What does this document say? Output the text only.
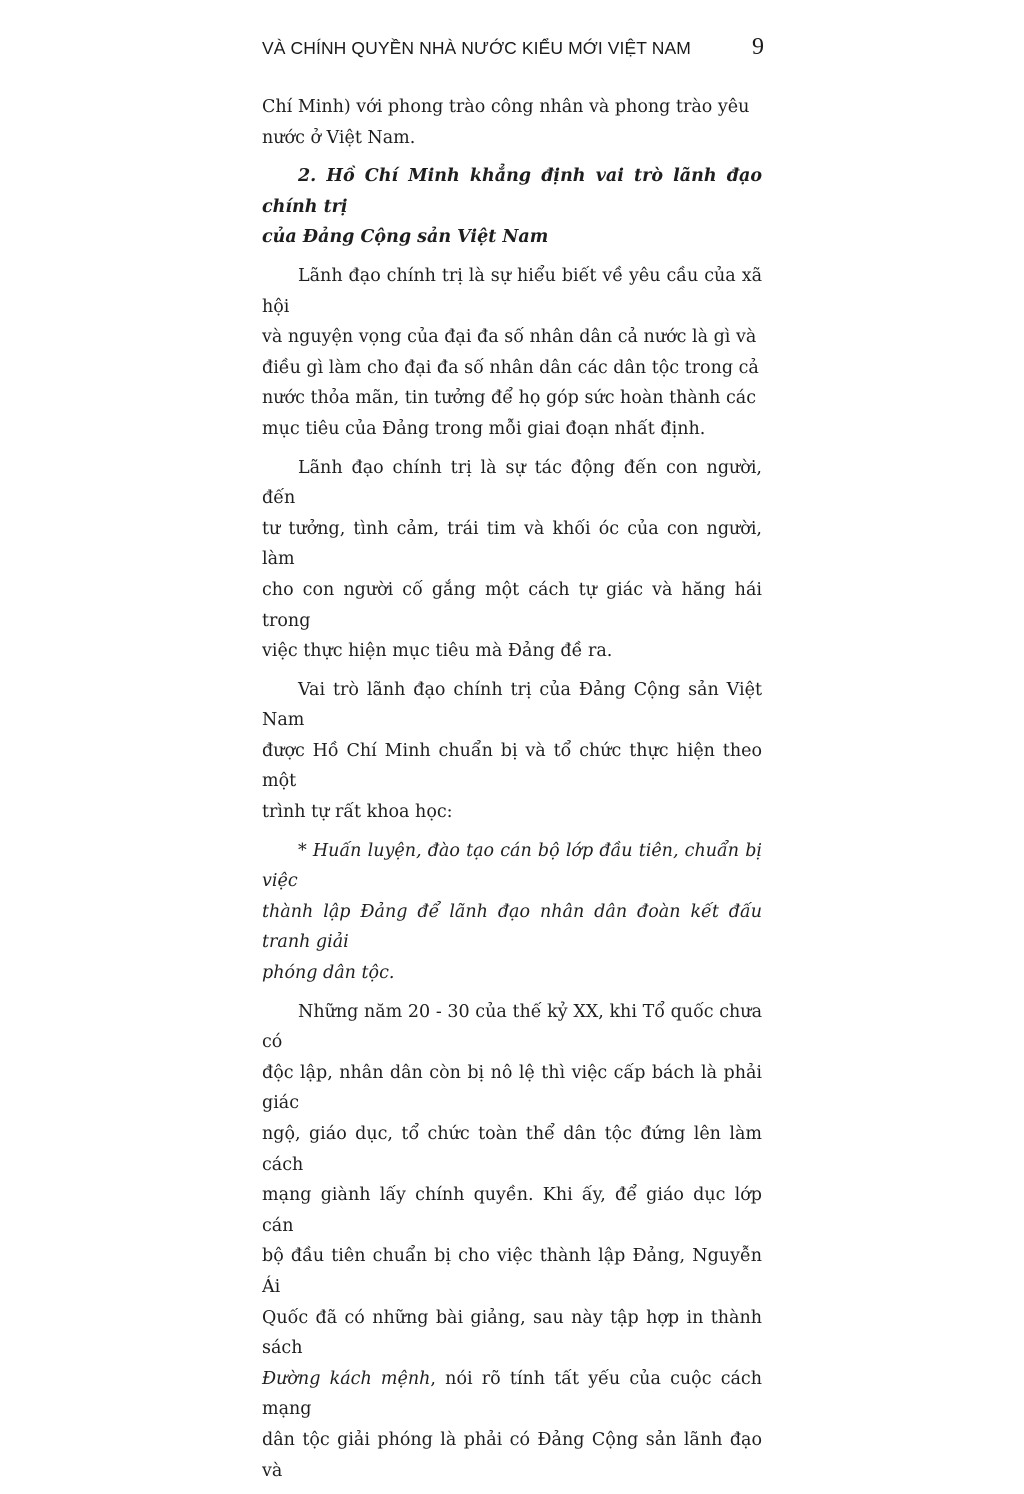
VÀ CHÍNH QUYỀN NHÀ NƯỚC KIỂU MỚI VIỆT NAM	9

Chí Minh) với phong trào công nhân và phong trào yêu
nước ở Việt Nam.

2. Hồ Chí Minh khẳng định vai trò lãnh đạo chính trị
của Đảng Cộng sản Việt Nam

Lãnh đạo chính trị là sự hiểu biết về yêu cầu của xã hội
và nguyện vọng của đại đa số nhân dân cả nước là gì và
điều gì làm cho đại đa số nhân dân các dân tộc trong cả
nước thỏa mãn, tin tưởng để họ góp sức hoàn thành các
mục tiêu của Đảng trong mỗi giai đoạn nhất định.

Lãnh đạo chính trị là sự tác động đến con người, đến
tư tưởng, tình cảm, trái tim và khối óc của con người, làm
cho con người cố gắng một cách tự giác và hăng hái trong
việc thực hiện mục tiêu mà Đảng đề ra.

Vai trò lãnh đạo chính trị của Đảng Cộng sản Việt Nam
được Hồ Chí Minh chuẩn bị và tổ chức thực hiện theo một
trình tự rất khoa học:

* Huấn luyện, đào tạo cán bộ lớp đầu tiên, chuẩn bị việc
thành lập Đảng để lãnh đạo nhân dân đoàn kết đấu tranh giải
phóng dân tộc.

Những năm 20 - 30 của thế kỷ XX, khi Tổ quốc chưa có
độc lập, nhân dân còn bị nô lệ thì việc cấp bách là phải giác
ngộ, giáo dục, tổ chức toàn thể dân tộc đứng lên làm cách
mạng giành lấy chính quyền. Khi ấy, để giáo dục lớp cán
bộ đầu tiên chuẩn bị cho việc thành lập Đảng, Nguyễn Ái
Quốc đã có những bài giảng, sau này tập hợp in thành sách
Đường kách mệnh, nói rõ tính tất yếu của cuộc cách mạng
dân tộc giải phóng là phải có Đảng Cộng sản lãnh đạo và
